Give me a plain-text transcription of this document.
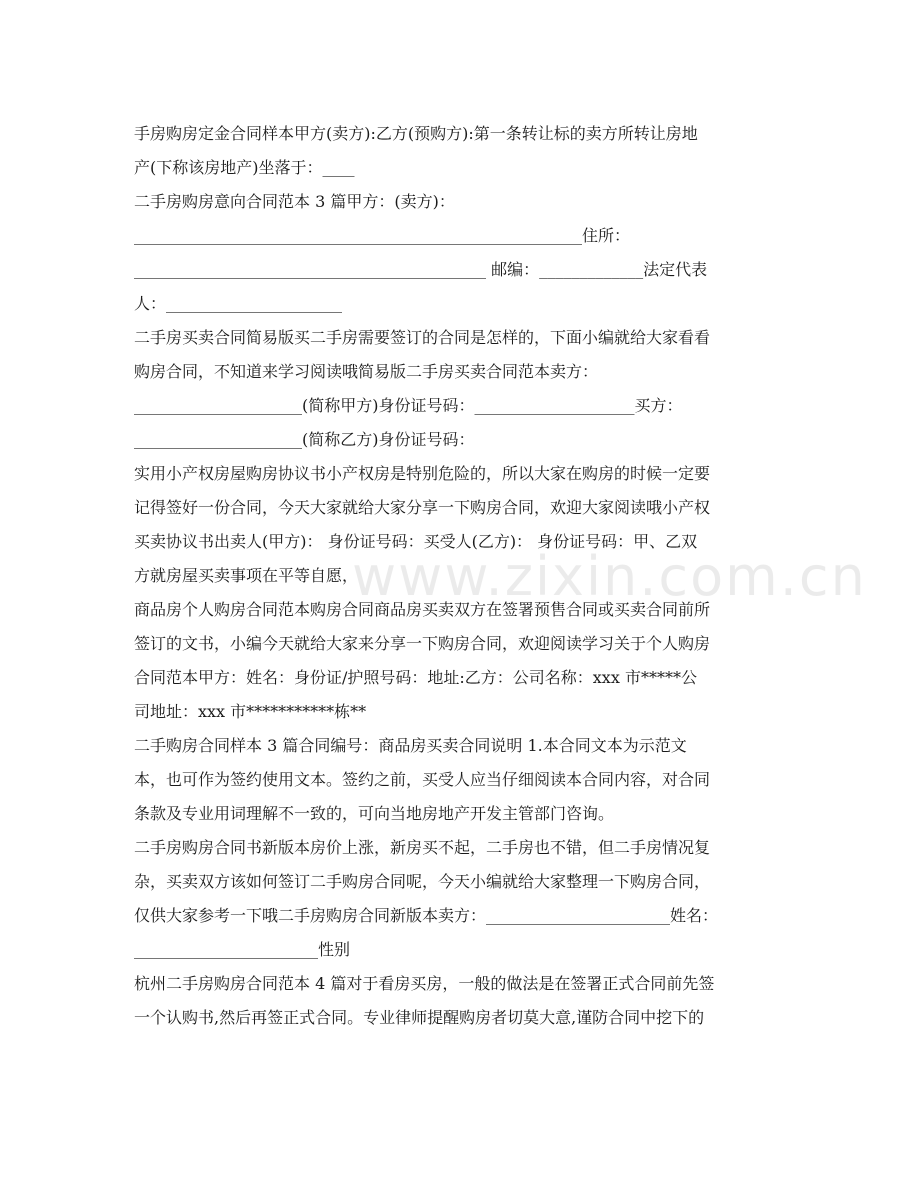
手房购房定金合同样本甲方(卖方):乙方(预购方):第一条转让标的卖方所转让房地
产(下称该房地产)坐落于：____
二手房购房意向合同范本 3 篇甲方：(卖方)：
________________________________________________________住所：
____________________________________________ 邮编：_____________法定代表
人：______________________
二手房买卖合同简易版买二手房需要签订的合同是怎样的，下面小编就给大家看看
购房合同，不知道来学习阅读哦简易版二手房买卖合同范本卖方：
_____________________(简称甲方)身份证号码：____________________买方：
_____________________(简称乙方)身份证号码：
实用小产权房屋购房协议书小产权房是特别危险的，所以大家在购房的时候一定要
记得签好一份合同，今天大家就给大家分享一下购房合同，欢迎大家阅读哦小产权
买卖协议书出卖人(甲方)： 身份证号码：买受人(乙方)： 身份证号码：甲、乙双
方就房屋买卖事项在平等自愿，
商品房个人购房合同范本购房合同商品房买卖双方在签署预售合同或买卖合同前所
签订的文书，小编今天就给大家来分享一下购房合同，欢迎阅读学习关于个人购房
合同范本甲方：姓名：身份证/护照号码：地址:乙方：公司名称：xxx 市*****公
司地址：xxx 市***********栋**
二手购房合同样本 3 篇合同编号：商品房买卖合同说明 1.本合同文本为示范文
本，也可作为签约使用文本。签约之前，买受人应当仔细阅读本合同内容，对合同
条款及专业用词理解不一致的，可向当地房地产开发主管部门咨询。
二手房购房合同书新版本房价上涨，新房买不起，二手房也不错，但二手房情况复
杂，买卖双方该如何签订二手购房合同呢，今天小编就给大家整理一下购房合同，
仅供大家参考一下哦二手房购房合同新版本卖方：_______________________姓名：
_______________________性别
杭州二手房购房合同范本 4 篇对于看房买房，一般的做法是在签署正式合同前先签
一个认购书,然后再签正式合同。专业律师提醒购房者切莫大意,谨防合同中挖下的
www.zixin.com.cn
